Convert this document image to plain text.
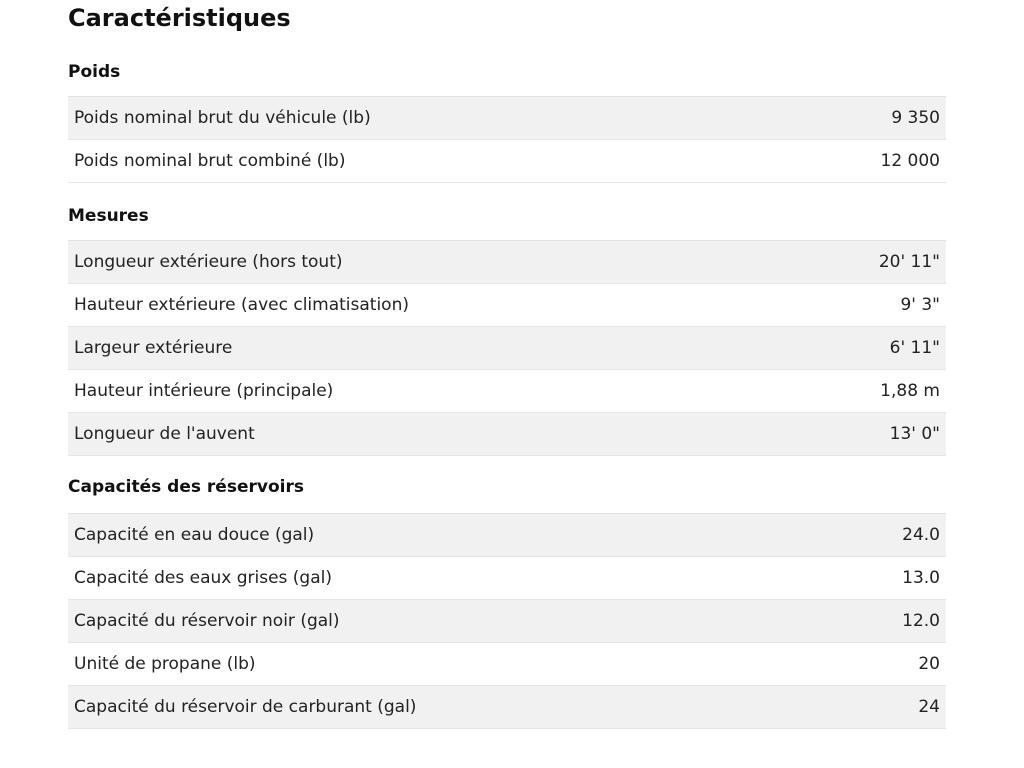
Caractéristiques
Poids
Poids nominal brut du véhicule (lb)	9 350
Poids nominal brut combiné (lb)	12 000
Mesures
Longueur extérieure (hors tout)	20' 11"
Hauteur extérieure (avec climatisation)	9' 3"
Largeur extérieure	6' 11"
Hauteur intérieure (principale)	1,88 m
Longueur de l'auvent	13' 0"
Capacités des réservoirs
Capacité en eau douce (gal)	24.0
Capacité des eaux grises (gal)	13.0
Capacité du réservoir noir (gal)	12.0
Unité de propane (lb)	20
Capacité du réservoir de carburant (gal)	24
